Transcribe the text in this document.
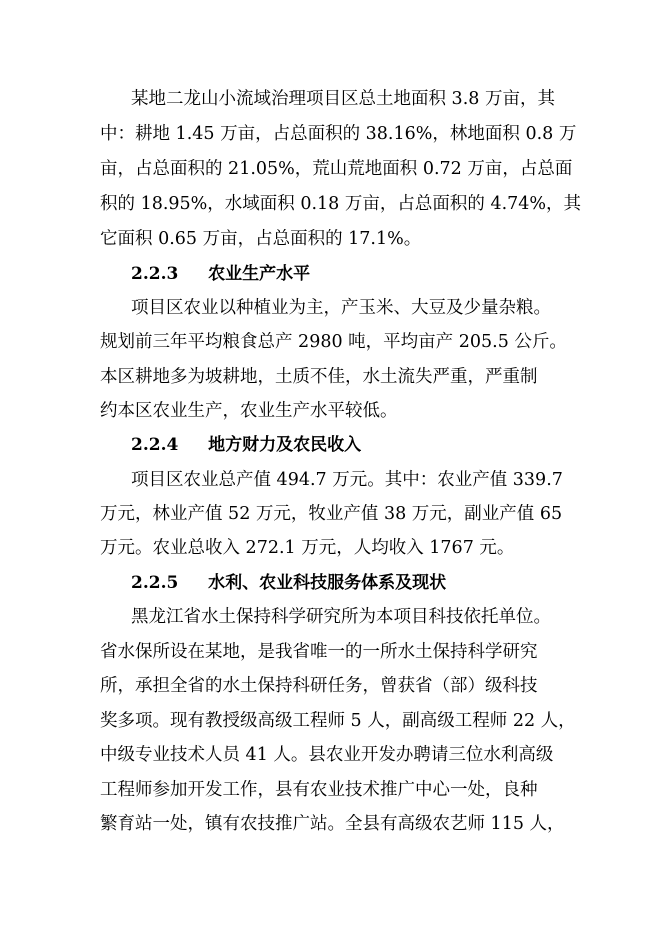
某地二龙山小流域治理项目区总土地面积 3.8 万亩，其
中：耕地 1.45 万亩，占总面积的 38.16%，林地面积 0.8 万
亩，占总面积的 21.05%，荒山荒地面积 0.72 万亩，占总面
积的 18.95%，水域面积 0.18 万亩，占总面积的 4.74%，其
它面积 0.65 万亩，占总面积的 17.1%。
2.2.3 农业生产水平
项目区农业以种植业为主，产玉米、大豆及少量杂粮。
规划前三年平均粮食总产 2980 吨，平均亩产 205.5 公斤。
本区耕地多为坡耕地，土质不佳，水土流失严重，严重制
约本区农业生产，农业生产水平较低。
2.2.4 地方财力及农民收入
项目区农业总产值 494.7 万元。其中：农业产值 339.7
万元，林业产值 52 万元，牧业产值 38 万元，副业产值 65
万元。农业总收入 272.1 万元，人均收入 1767 元。
2.2.5 水利、农业科技服务体系及现状
黑龙江省水土保持科学研究所为本项目科技依托单位。
省水保所设在某地，是我省唯一的一所水土保持科学研究
所，承担全省的水土保持科研任务，曾获省（部）级科技
奖多项。现有教授级高级工程师 5 人，副高级工程师 22 人，
中级专业技术人员 41 人。县农业开发办聘请三位水利高级
工程师参加开发工作，县有农业技术推广中心一处，良种
繁育站一处，镇有农技推广站。全县有高级农艺师 115 人，
